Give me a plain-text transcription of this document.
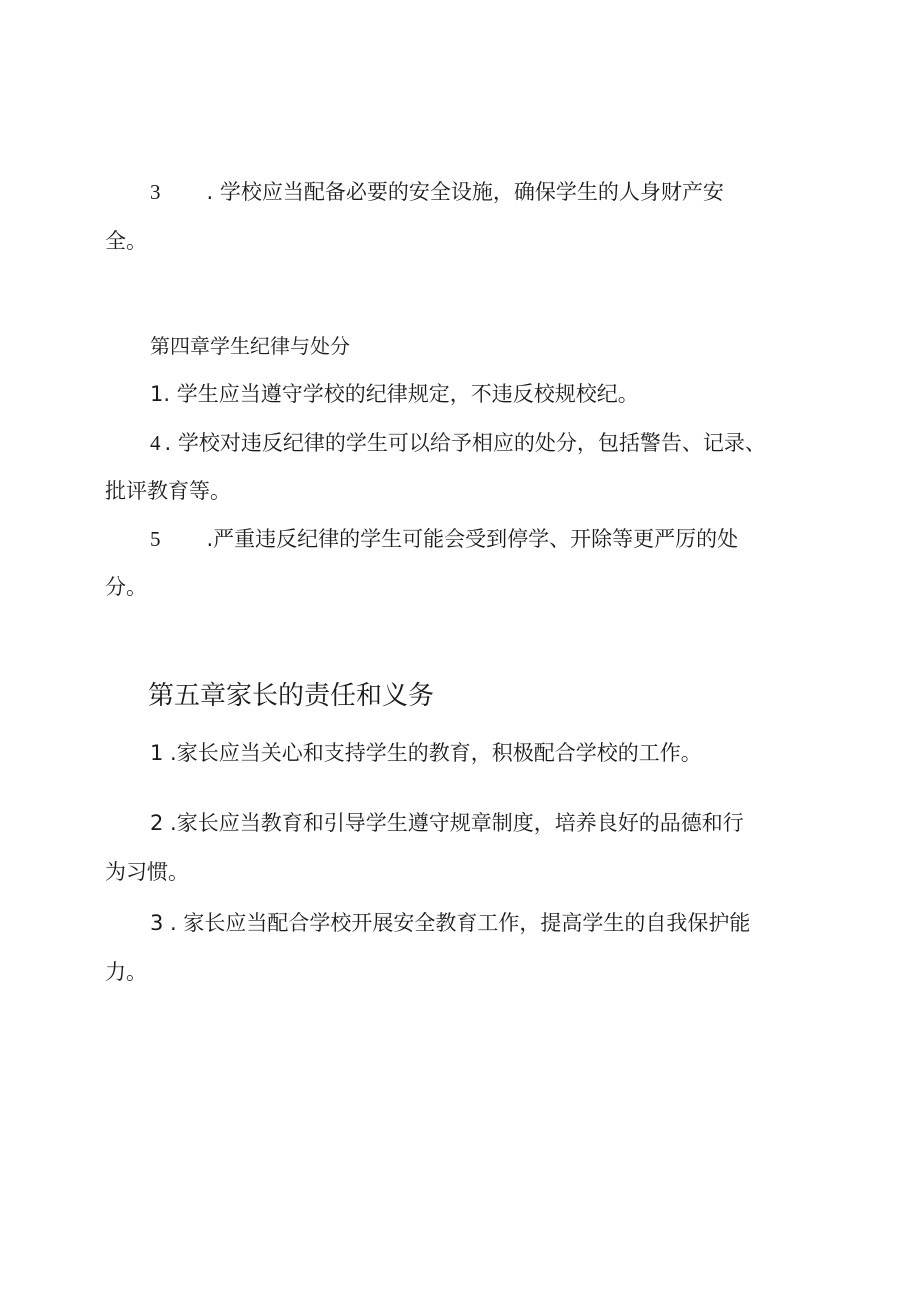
3 . 学校应当配备必要的安全设施，确保学生的人身财产安
全。
第四章学生纪律与处分
1. 学生应当遵守学校的纪律规定，不违反校规校纪。
4 . 学校对违反纪律的学生可以给予相应的处分，包括警告、记录、
批评教育等。
5 .严重违反纪律的学生可能会受到停学、开除等更严厉的处
分。
第五章家长的责任和义务
1 .家长应当关心和支持学生的教育，积极配合学校的工作。
2 .家长应当教育和引导学生遵守规章制度，培养良好的品德和行
为习惯。
3 . 家长应当配合学校开展安全教育工作，提高学生的自我保护能
力。
